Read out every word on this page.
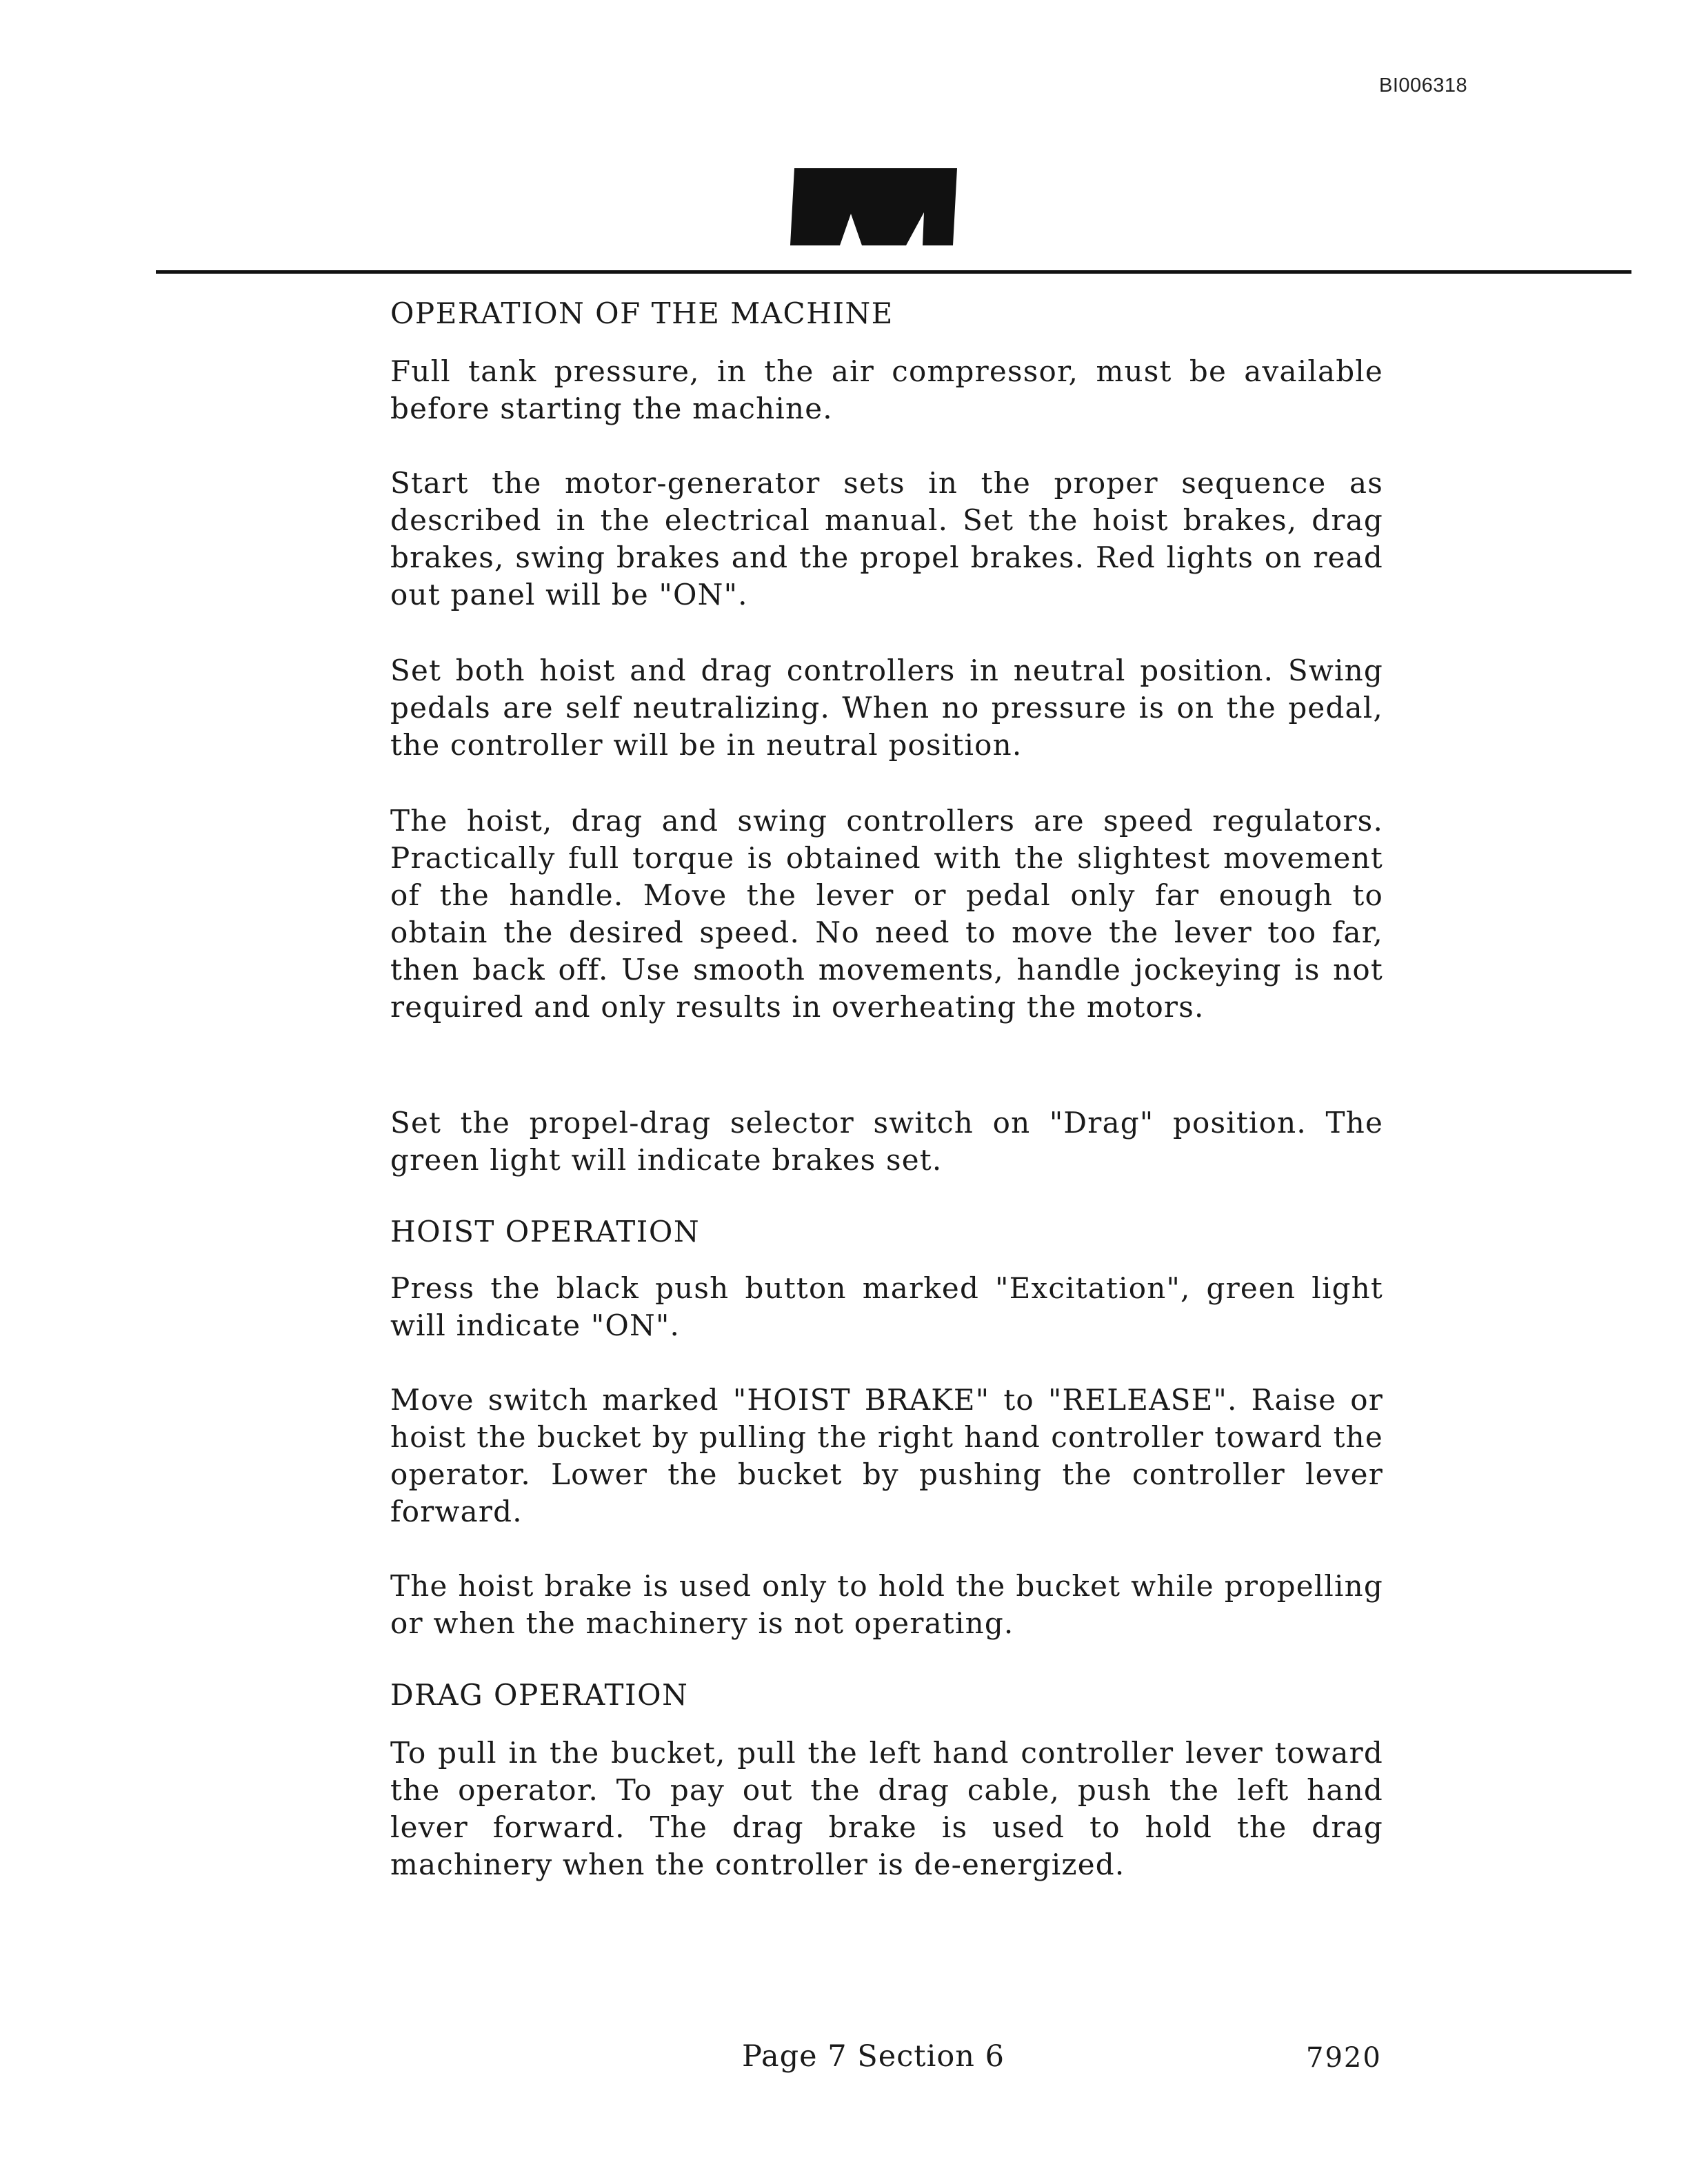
BI006318
OPERATION OF THE MACHINE

Full tank pressure, in the air compressor, must be available before starting the machine.

Start the motor-generator sets in the proper sequence as described in the electrical manual. Set the hoist brakes, drag brakes, swing brakes and the propel brakes. Red lights on read out panel will be "ON".

Set both hoist and drag controllers in neutral position. Swing pedals are self neutralizing. When no pressure is on the pedal, the controller will be in neutral position.

The hoist, drag and swing controllers are speed regulators. Practically full torque is obtained with the slightest movement of the handle. Move the lever or pedal only far enough to obtain the desired speed. No need to move the lever too far, then back off. Use smooth movements, handle jockeying is not required and only results in overheating the motors.

Set the propel-drag selector switch on "Drag" position. The green light will indicate brakes set.

HOIST OPERATION

Press the black push button marked "Excitation", green light will indicate "ON".

Move switch marked "HOIST BRAKE" to "RELEASE". Raise or hoist the bucket by pulling the right hand controller toward the operator. Lower the bucket by pushing the controller lever forward.

The hoist brake is used only to hold the bucket while propelling or when the machinery is not operating.

DRAG OPERATION

To pull in the bucket, pull the left hand controller lever toward the operator. To pay out the drag cable, push the left hand lever forward. The drag brake is used to hold the drag machinery when the controller is de-energized.

Page 7 Section 6	7920
